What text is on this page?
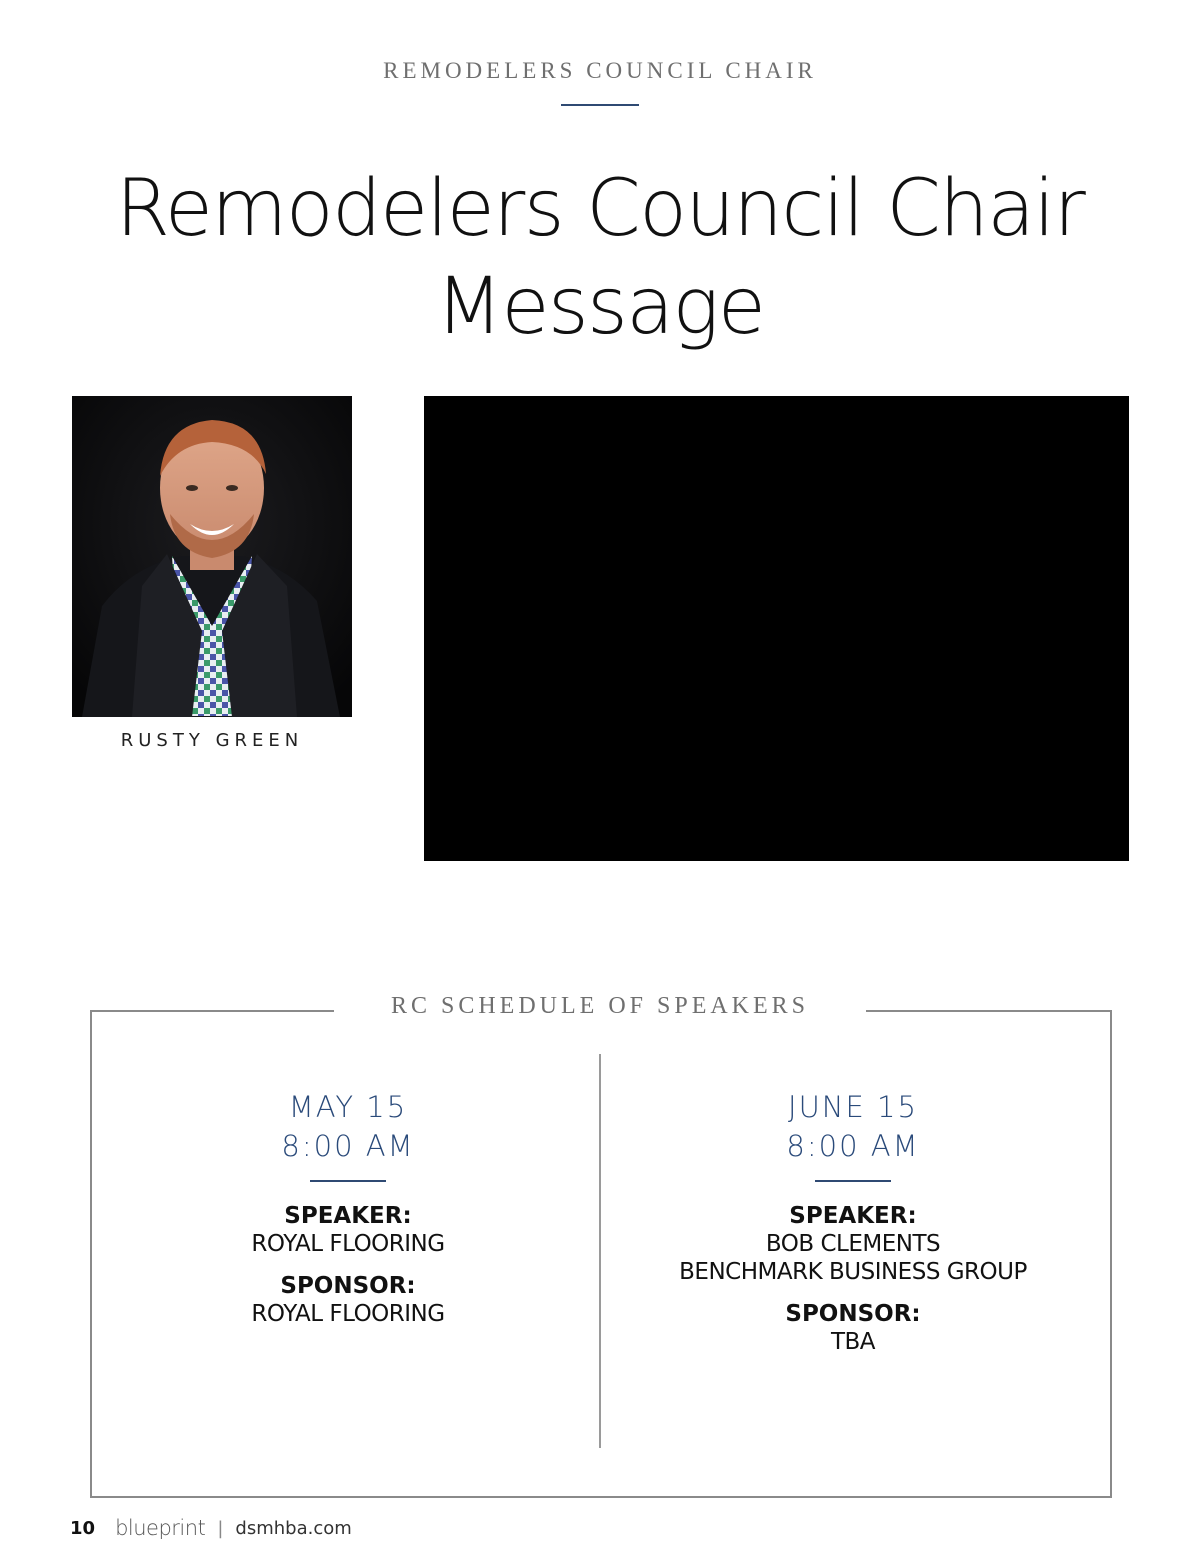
REMODELERS COUNCIL CHAIR
Remodelers Council Chair
Message
RUSTY GREEN
RC SCHEDULE OF SPEAKERS
MAY 15
8:00 AM
SPEAKER:
ROYAL FLOORING
SPONSOR:
ROYAL FLOORING
JUNE 15
8:00 AM
SPEAKER:
BOB CLEMENTS
BENCHMARK BUSINESS GROUP
SPONSOR:
TBA
10 blueprint | dsmhba.com
